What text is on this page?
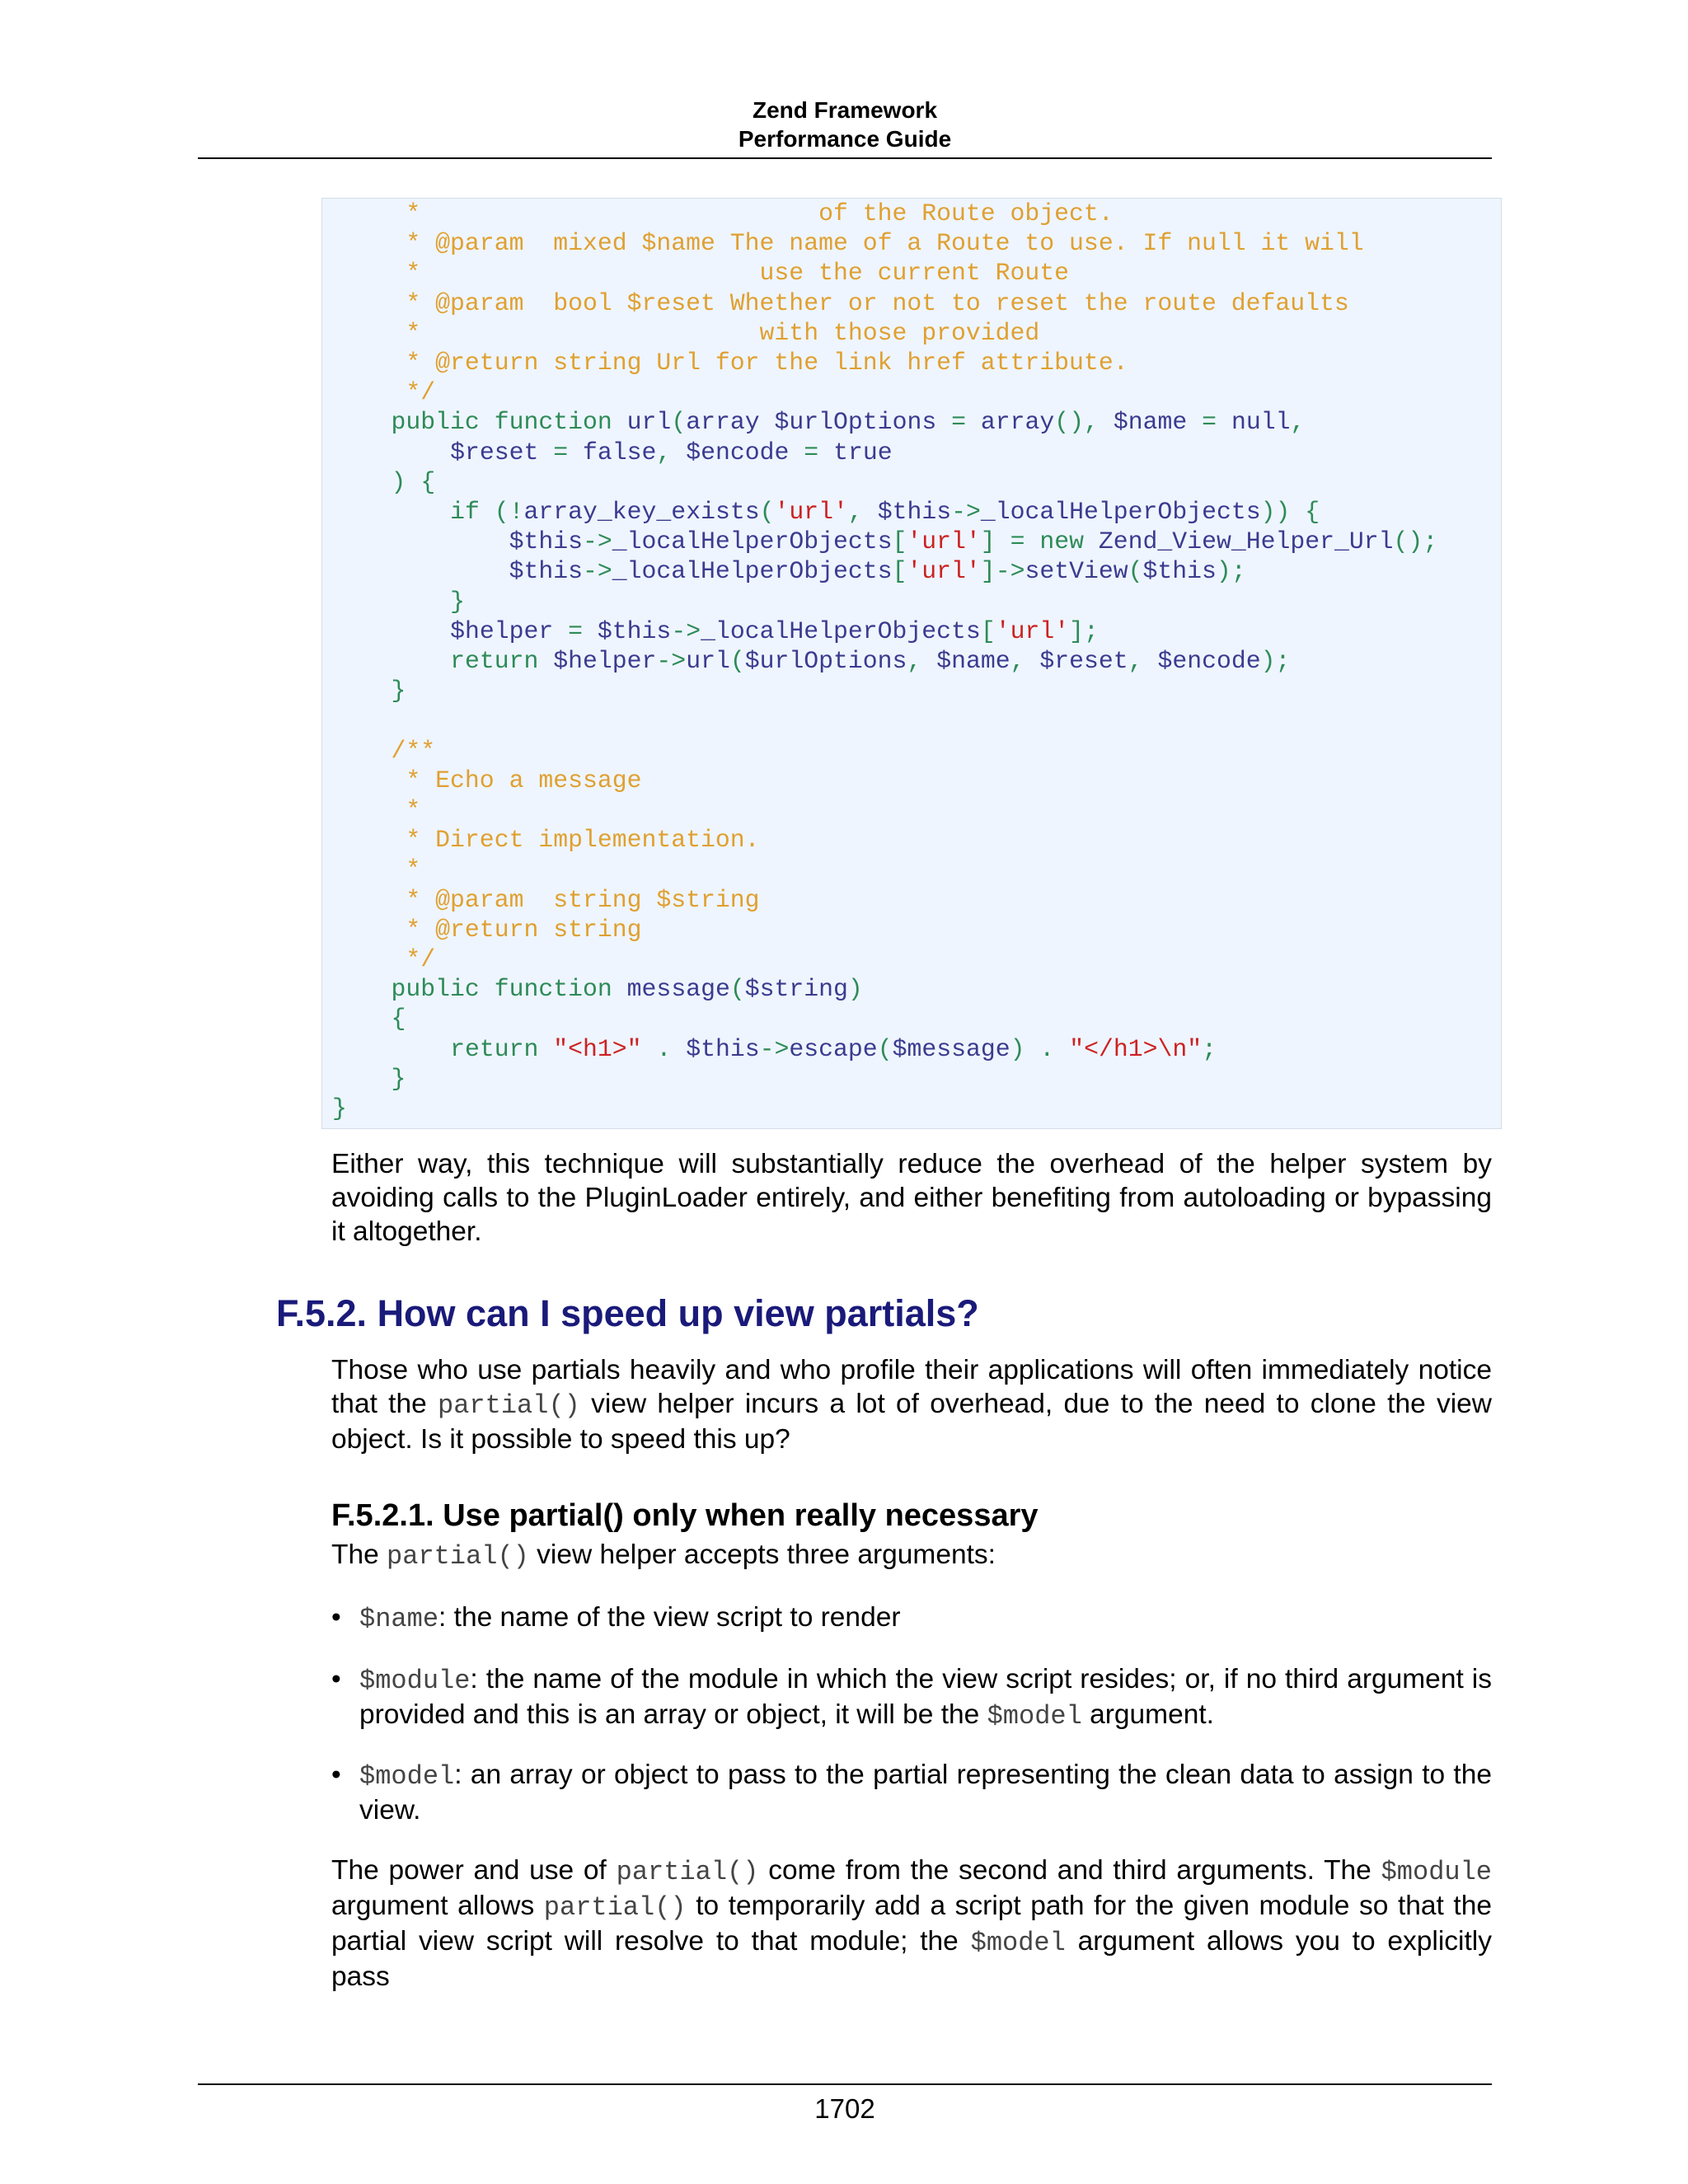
Zend Framework
Performance Guide
*                           of the Route object.
* @param  mixed $name The name of a Route to use. If null it will
*                       use the current Route
* @param  bool $reset Whether or not to reset the route defaults
*                       with those provided
* @return string Url for the link href attribute.
*/
public function url(array $urlOptions = array(), $name = null,
$reset = false, $encode = true
) {
if (!array_key_exists('url', $this->_localHelperObjects)) {
$this->_localHelperObjects['url'] = new Zend_View_Helper_Url();
$this->_localHelperObjects['url']->setView($this);
}
$helper = $this->_localHelperObjects['url'];
return $helper->url($urlOptions, $name, $reset, $encode);
}

/**
* Echo a message
*
* Direct implementation.
*
* @param  string $string
* @return string
*/
public function message($string)
{
return "<h1>" . $this->escape($message) . "</h1>\n";
}
}

Either way, this technique will substantially reduce the overhead of the helper system by avoiding calls to the PluginLoader entirely, and either benefiting from autoloading or bypassing it altogether.

F.5.2. How can I speed up view partials?

Those who use partials heavily and who profile their applications will often immediately notice that the partial() view helper incurs a lot of overhead, due to the need to clone the view object. Is it possible to speed this up?

F.5.2.1. Use partial() only when really necessary

The partial() view helper accepts three arguments:

• $name: the name of the view script to render
• $module: the name of the module in which the view script resides; or, if no third argument is provided and this is an array or object, it will be the $model argument.
• $model: an array or object to pass to the partial representing the clean data to assign to the view.

The power and use of partial() come from the second and third arguments. The $module argument allows partial() to temporarily add a script path for the given module so that the partial view script will resolve to that module; the $model argument allows you to explicitly pass

1702
